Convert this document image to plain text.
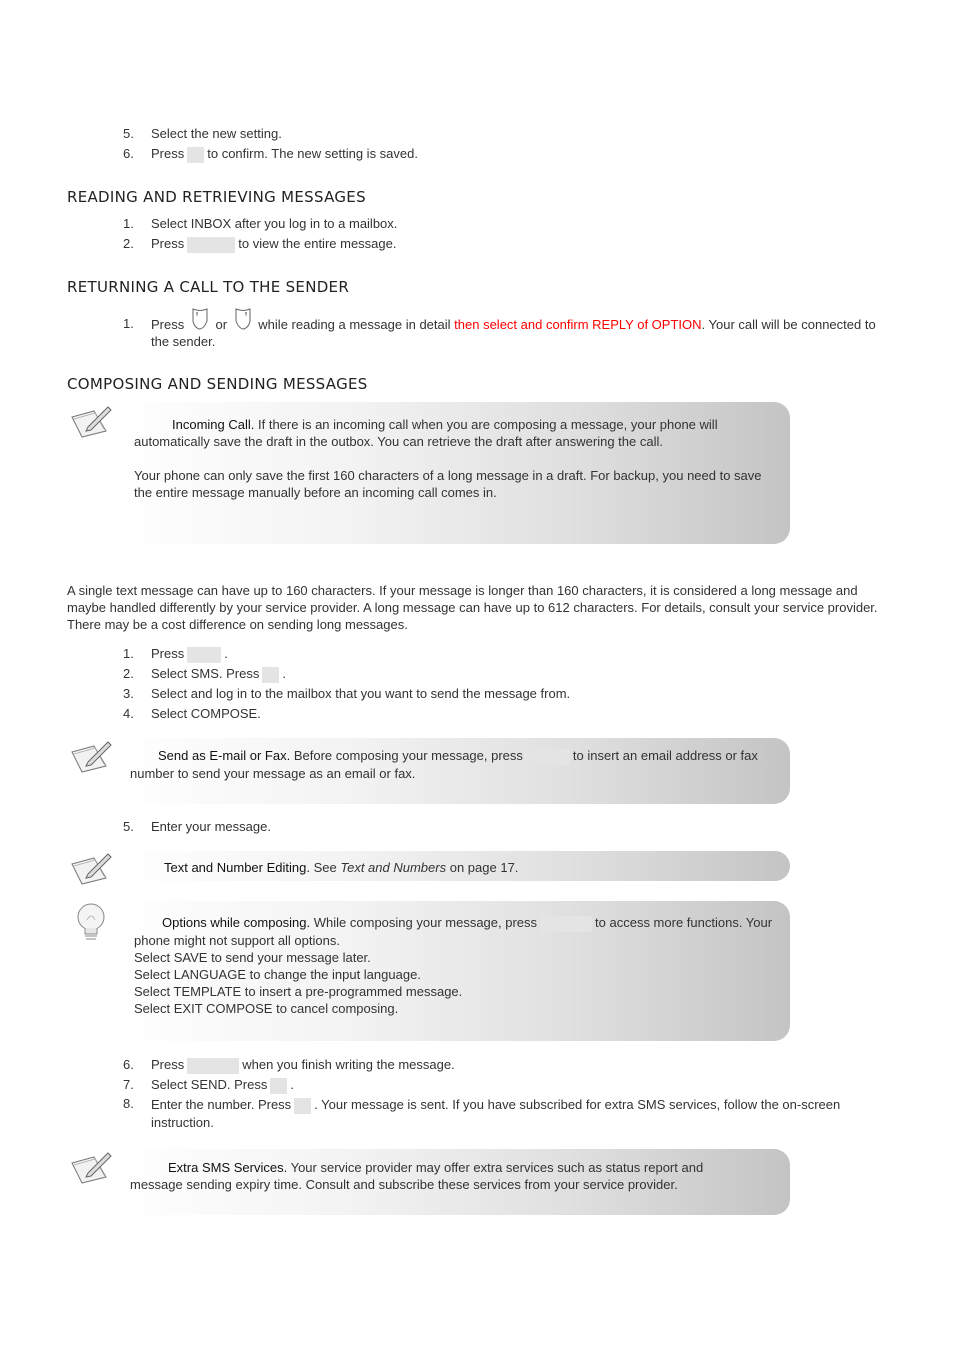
5.	Select the new setting.
6.	Press to confirm. The new setting is saved.
READING AND RETRIEVING MESSAGES
1.	Select INBOX after you log in to a mailbox.
2.	Press	to view the entire message.
RETURNING A CALL TO THE SENDER
1.	Press or while reading a message in detail then select and confirm REPLY of OPTION. Your call will be connected to the sender.
COMPOSING AND SENDING MESSAGES
Incoming Call. If there is an incoming call when you are composing a message, your phone will automatically save the draft in the outbox. You can retrieve the draft after answering the call.
Your phone can only save the first 160 characters of a long message in a draft. For backup, you need to save the entire message manually before an incoming call comes in.
A single text message can have up to 160 characters. If your message is longer than 160 characters, it is considered a long message and maybe handled differently by your service provider. A long message can have up to 612 characters. For details, consult your service provider. There may be a cost difference on sending long messages.
1.	Press	.
2.	Select SMS. Press .
3.	Select and log in to the mailbox that you want to send the message from.
4.	Select COMPOSE.
Send as E-mail or Fax. Before composing your message, press	to insert an email address or fax number to send your message as an email or fax.
5.	Enter your message.
Text and Number Editing. See Text and Numbers on page 17.
Options while composing. While composing your message, press	to access more functions. Your phone might not support all options.
Select SAVE to send your message later.
Select LANGUAGE to change the input language.
Select TEMPLATE to insert a pre-programmed message.
Select EXIT COMPOSE to cancel composing.
6.	Press	when you finish writing the message.
7.	Select SEND. Press .
8.	Enter the number. Press . Your message is sent. If you have subscribed for extra SMS services, follow the on-screen instruction.
Extra SMS Services. Your service provider may offer extra services such as status report and message sending expiry time. Consult and subscribe these services from your service provider.
